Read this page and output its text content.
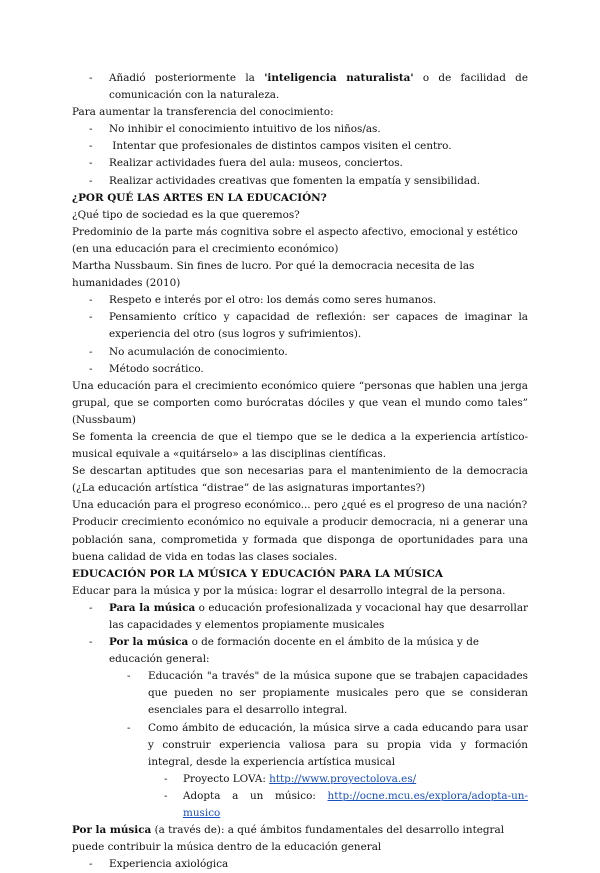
- Añadió posteriormente la 'inteligencia naturalista' o de facilidad de comunicación con la naturaleza.

Para aumentar la transferencia del conocimiento:

- No inhibir el conocimiento intuitivo de los niños/as.
- Intentar que profesionales de distintos campos visiten el centro.
- Realizar actividades fuera del aula: museos, conciertos.
- Realizar actividades creativas que fomenten la empatía y sensibilidad.

¿POR QUÉ LAS ARTES EN LA EDUCACIÓN?

¿Qué tipo de sociedad es la que queremos?

Predominio de la parte más cognitiva sobre el aspecto afectivo, emocional y estético (en una educación para el crecimiento económico)

Martha Nussbaum. Sin fines de lucro. Por qué la democracia necesita de las humanidades (2010)

- Respeto e interés por el otro: los demás como seres humanos.
- Pensamiento crítico y capacidad de reflexión: ser capaces de imaginar la experiencia del otro (sus logros y sufrimientos).
- No acumulación de conocimiento.
- Método socrático.

Una educación para el crecimiento económico quiere “personas que hablen una jerga grupal, que se comporten como burócratas dóciles y que vean el mundo como tales” (Nussbaum)

Se fomenta la creencia de que el tiempo que se le dedica a la experiencia artístico-musical equivale a «quitárselo» a las disciplinas científicas.

Se descartan aptitudes que son necesarias para el mantenimiento de la democracia (¿La educación artística “distrae” de las asignaturas importantes?)

Una educación para el progreso económico... pero ¿qué es el progreso de una nación?

Producir crecimiento económico no equivale a producir democracia, ni a generar una población sana, comprometida y formada que disponga de oportunidades para una buena calidad de vida en todas las clases sociales.

EDUCACIÓN POR LA MÚSICA Y EDUCACIÓN PARA LA MÚSICA

Educar para la música y por la música: lograr el desarrollo integral de la persona.

- Para la música o educación profesionalizada y vocacional hay que desarrollar las capacidades y elementos propiamente musicales
- Por la música o de formación docente en el ámbito de la música y de educación general:
- Educación "a través" de la música supone que se trabajen capacidades que pueden no ser propiamente musicales pero que se consideran esenciales para el desarrollo integral.
- Como ámbito de educación, la música sirve a cada educando para usar y construir experiencia valiosa para su propia vida y formación integral, desde la experiencia artística musical
- Proyecto LOVA: http://www.proyectolova.es/
- Adopta a un músico: http://ocne.mcu.es/explora/adopta-un-musico

Por la música (a través de): a qué ámbitos fundamentales del desarrollo integral puede contribuir la música dentro de la educación general

- Experiencia axiológica
